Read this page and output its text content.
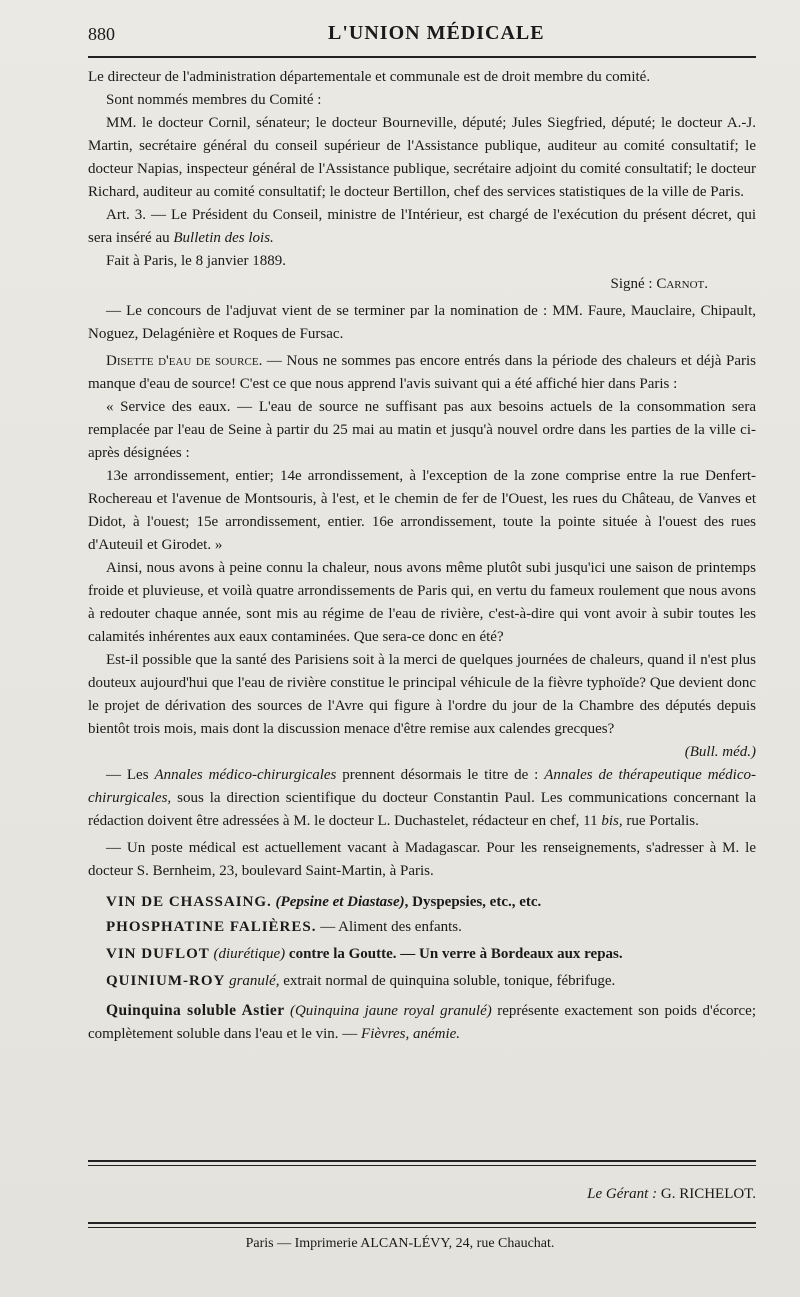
880	L'UNION MÉDICALE

Le directeur de l'administration départementale et communale est de droit membre du comité.

Sont nommés membres du Comité :

MM. le docteur Cornil, sénateur; le docteur Bourneville, député; Jules Siegfried, député; le docteur A.-J. Martin, secrétaire général du conseil supérieur de l'Assistance publique, auditeur au comité consultatif; le docteur Napias, inspecteur général de l'Assistance publique, secrétaire adjoint du comité consultatif; le docteur Richard, auditeur au comité consultatif; le docteur Bertillon, chef des services statistiques de la ville de Paris.

Art. 3. — Le Président du Conseil, ministre de l'Intérieur, est chargé de l'exécution du présent décret, qui sera inséré au Bulletin des lois.

Fait à Paris, le 8 janvier 1889.

Signé : Carnot.

— Le concours de l'adjuvat vient de se terminer par la nomination de : MM. Faure, Mauclaire, Chipault, Noguez, Delagénière et Roques de Fursac.

Disette d'eau de source. — Nous ne sommes pas encore entrés dans la période des chaleurs et déjà Paris manque d'eau de source! C'est ce que nous apprend l'avis suivant qui a été affiché hier dans Paris :

« Service des eaux. — L'eau de source ne suffisant pas aux besoins actuels de la consommation sera remplacée par l'eau de Seine à partir du 25 mai au matin et jusqu'à nouvel ordre dans les parties de la ville ci-après désignées :

13e arrondissement, entier; 14e arrondissement, à l'exception de la zone comprise entre la rue Denfert-Rochereau et l'avenue de Montsouris, à l'est, et le chemin de fer de l'Ouest, les rues du Château, de Vanves et Didot, à l'ouest; 15e arrondissement, entier. 16e arrondissement, toute la pointe située à l'ouest des rues d'Auteuil et Girodet. »

Ainsi, nous avons à peine connu la chaleur, nous avons même plutôt subi jusqu'ici une saison de printemps froide et pluvieuse, et voilà quatre arrondissements de Paris qui, en vertu du fameux roulement que nous avons à redouter chaque année, sont mis au régime de l'eau de rivière, c'est-à-dire qui vont avoir à subir toutes les calamités inhérentes aux eaux contaminées. Que sera-ce donc en été?

Est-il possible que la santé des Parisiens soit à la merci de quelques journées de chaleurs, quand il n'est plus douteux aujourd'hui que l'eau de rivière constitue le principal véhicule de la fièvre typhoïde? Que devient donc le projet de dérivation des sources de l'Avre qui figure à l'ordre du jour de la Chambre des députés depuis bientôt trois mois, mais dont la discussion menace d'être remise aux calendes grecques?

(Bull. méd.)

— Les Annales médico-chirurgicales prennent désormais le titre de : Annales de thérapeutique médico-chirurgicales, sous la direction scientifique du docteur Constantin Paul. Les communications concernant la rédaction doivent être adressées à M. le docteur L. Duchastelet, rédacteur en chef, 11 bis, rue Portalis.

— Un poste médical est actuellement vacant à Madagascar. Pour les renseignements, s'adresser à M. le docteur S. Bernheim, 23, boulevard Saint-Martin, à Paris.

VIN DE CHASSAING. (Pepsine et Diastase), Dyspepsies, etc., etc.

PHOSPHATINE FALIÈRES. — Aliment des enfants.

VIN DUFLOT (diurétique) contre la Goutte. — Un verre à Bordeaux aux repas.

QUINIUM-ROY granulé, extrait normal de quinquina soluble, tonique, fébrifuge.

Quinquina soluble Astier (Quinquina jaune royal granulé) représente exactement son poids d'écorce; complètement soluble dans l'eau et le vin. — Fièvres, anémie.

Le Gérant : G. RICHELOT.
Paris — Imprimerie ALCAN-LÉVY, 24, rue Chauchat.
